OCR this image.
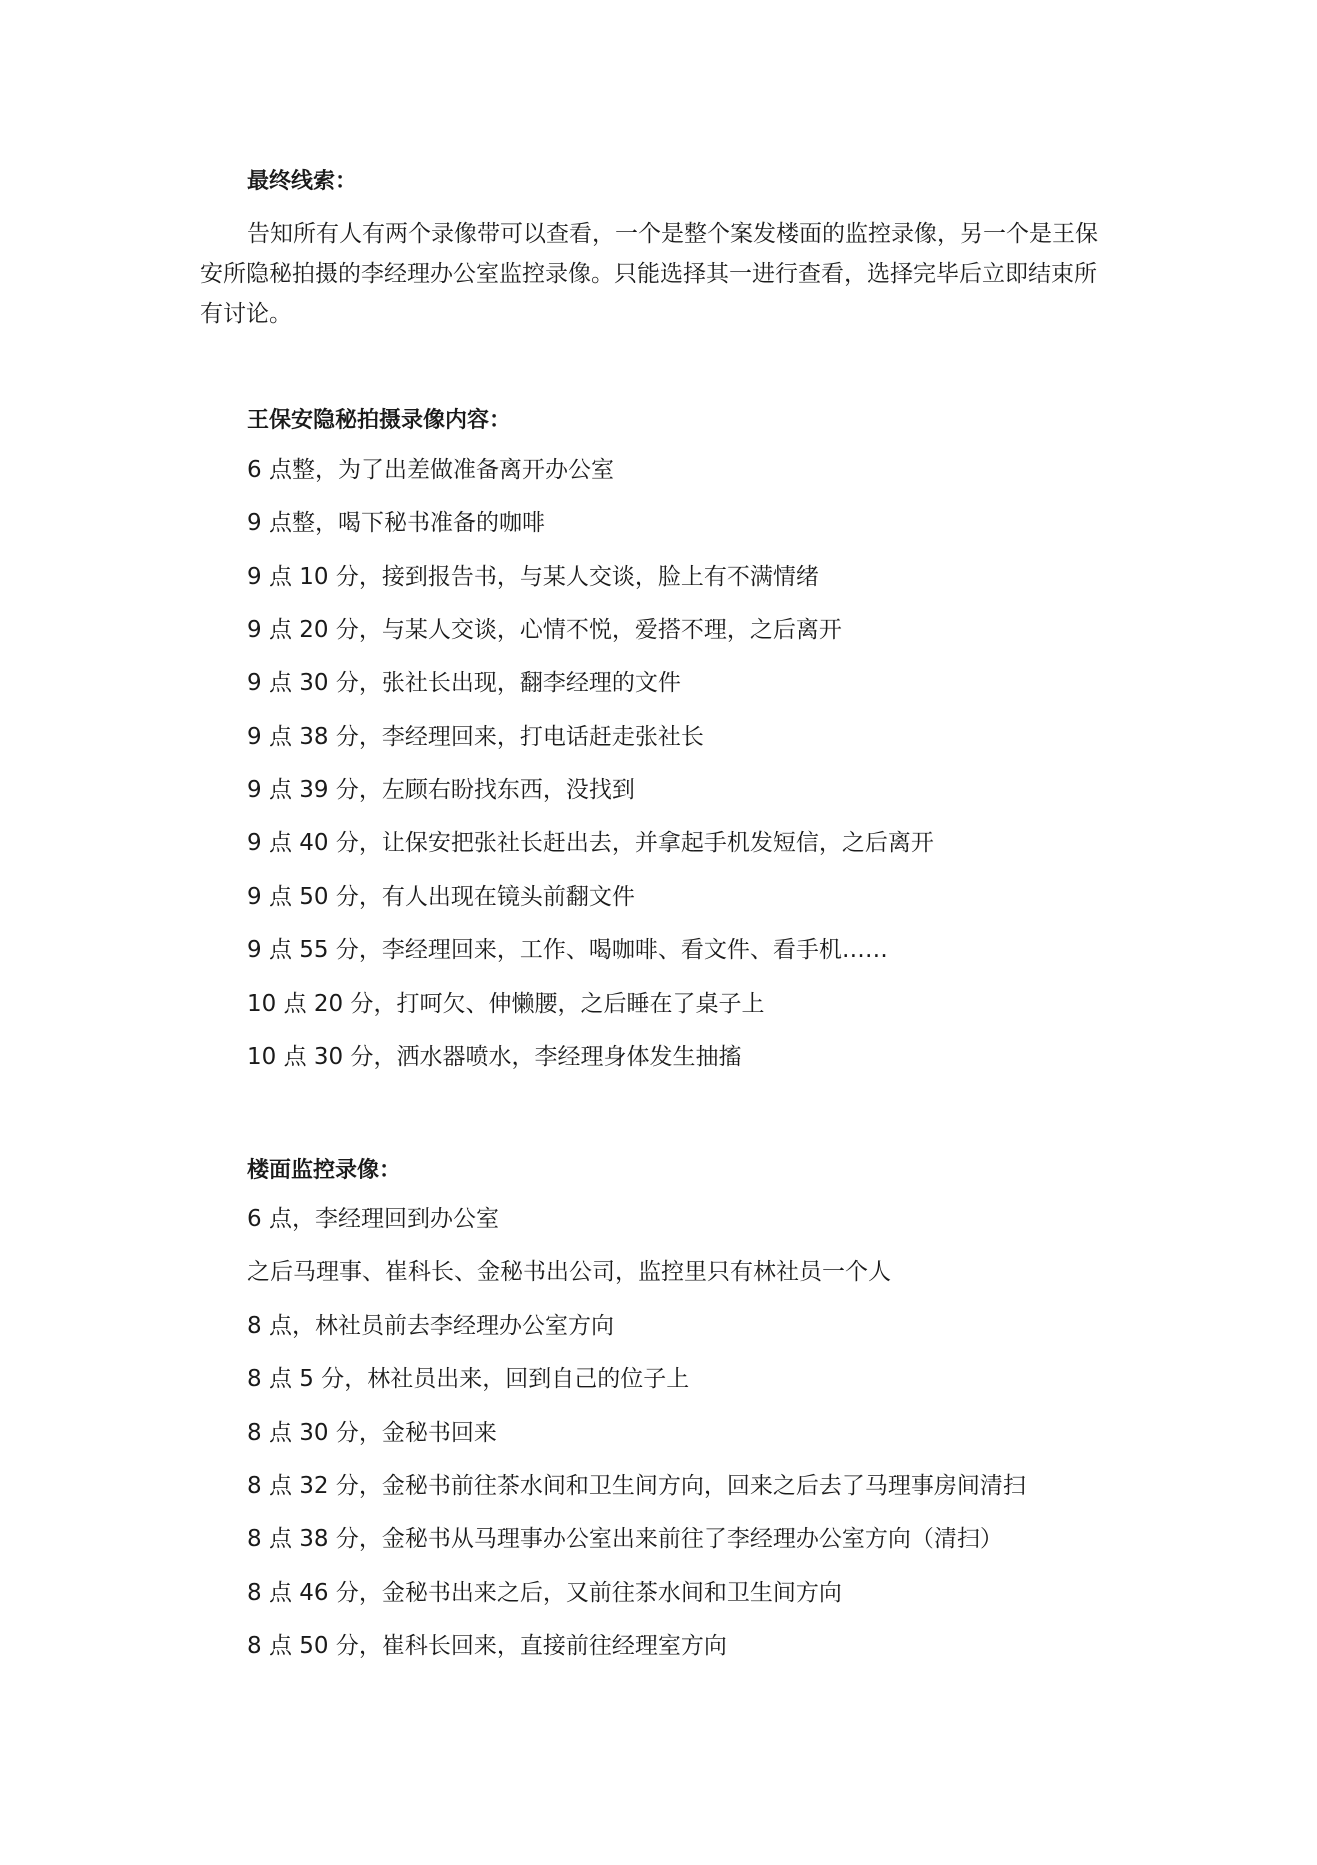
最终线索：
告知所有人有两个录像带可以查看，一个是整个案发楼面的监控录像，另一个是王保
安所隐秘拍摄的李经理办公室监控录像。只能选择其一进行查看，选择完毕后立即结束所
有讨论。
王保安隐秘拍摄录像内容：
6 点整，为了出差做准备离开办公室
9 点整，喝下秘书准备的咖啡
9 点 10 分，接到报告书，与某人交谈，脸上有不满情绪
9 点 20 分，与某人交谈，心情不悦，爱搭不理，之后离开
9 点 30 分，张社长出现，翻李经理的文件
9 点 38 分，李经理回来，打电话赶走张社长
9 点 39 分，左顾右盼找东西，没找到
9 点 40 分，让保安把张社长赶出去，并拿起手机发短信，之后离开
9 点 50 分，有人出现在镜头前翻文件
9 点 55 分，李经理回来，工作、喝咖啡、看文件、看手机……
10 点 20 分，打呵欠、伸懒腰，之后睡在了桌子上
10 点 30 分，洒水器喷水，李经理身体发生抽搐
楼面监控录像：
6 点，李经理回到办公室
之后马理事、崔科长、金秘书出公司，监控里只有林社员一个人
8 点，林社员前去李经理办公室方向
8 点 5 分，林社员出来，回到自己的位子上
8 点 30 分，金秘书回来
8 点 32 分，金秘书前往茶水间和卫生间方向，回来之后去了马理事房间清扫
8 点 38 分，金秘书从马理事办公室出来前往了李经理办公室方向（清扫）
8 点 46 分，金秘书出来之后，又前往茶水间和卫生间方向
8 点 50 分，崔科长回来，直接前往经理室方向
